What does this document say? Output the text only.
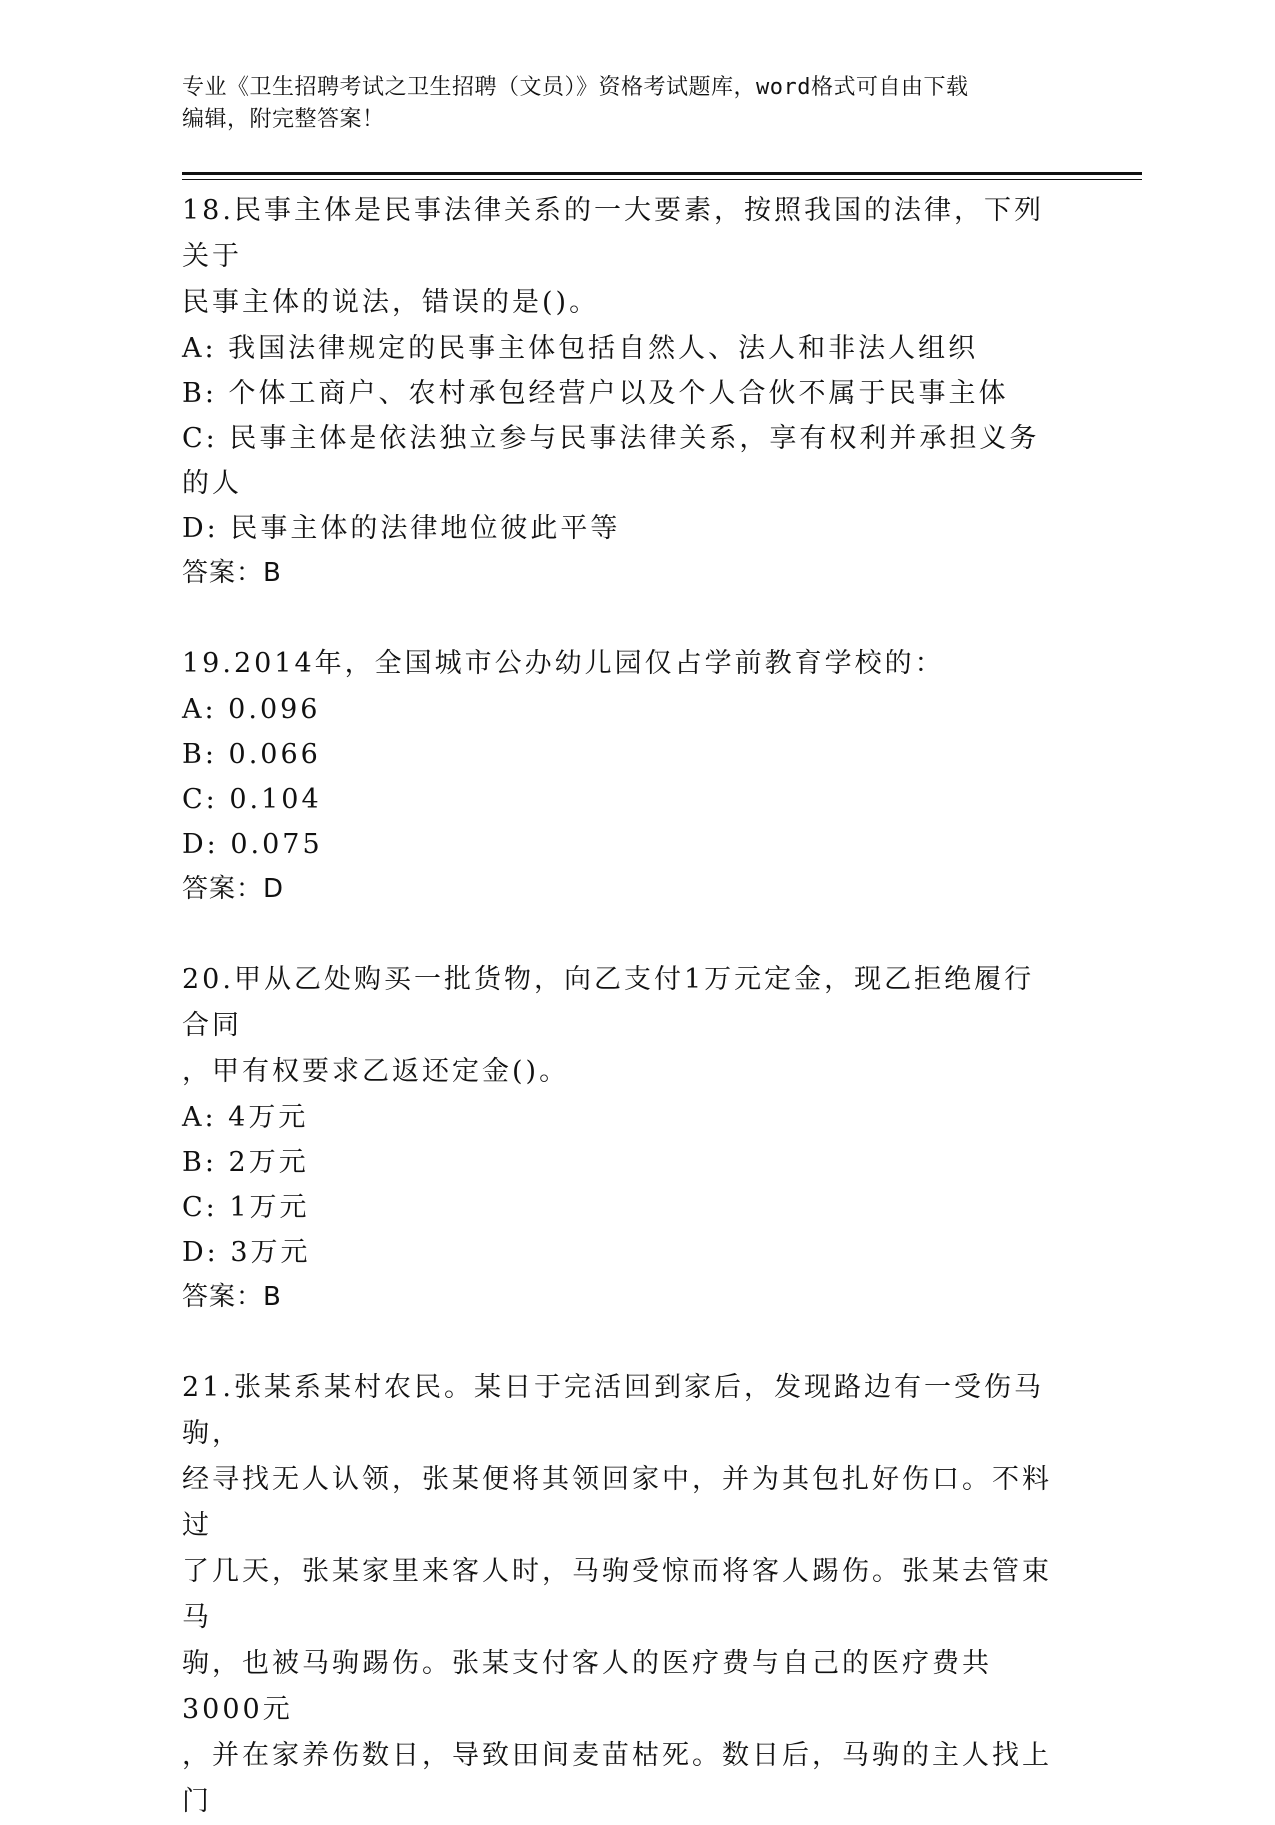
专业《卫生招聘考试之卫生招聘（文员）》资格考试题库，word格式可自由下载
编辑，附完整答案！

18.民事主体是民事法律关系的一大要素，按照我国的法律，下列关于

民事主体的说法，错误的是()。

A: 我国法律规定的民事主体包括自然人、法人和非法人组织

B: 个体工商户、农村承包经营户以及个人合伙不属于民事主体

C: 民事主体是依法独立参与民事法律关系，享有权利并承担义务的人

D: 民事主体的法律地位彼此平等

答案：B

19.2014年，全国城市公办幼儿园仅占学前教育学校的：

A: 0.096

B: 0.066

C: 0.104

D: 0.075

答案：D

20.甲从乙处购买一批货物，向乙支付1万元定金，现乙拒绝履行合同

，甲有权要求乙返还定金()。

A: 4万元

B: 2万元

C: 1万元

D: 3万元

答案：B

21.张某系某村农民。某日于完活回到家后，发现路边有一受伤马驹，

经寻找无人认领，张某便将其领回家中，并为其包扎好伤口。不料过

了几天，张某家里来客人时，马驹受惊而将客人踢伤。张某去管束马

驹，也被马驹踢伤。张某支付客人的医疗费与自己的医疗费共3000元

，并在家养伤数日，导致田间麦苗枯死。数日后，马驹的主人找上门
